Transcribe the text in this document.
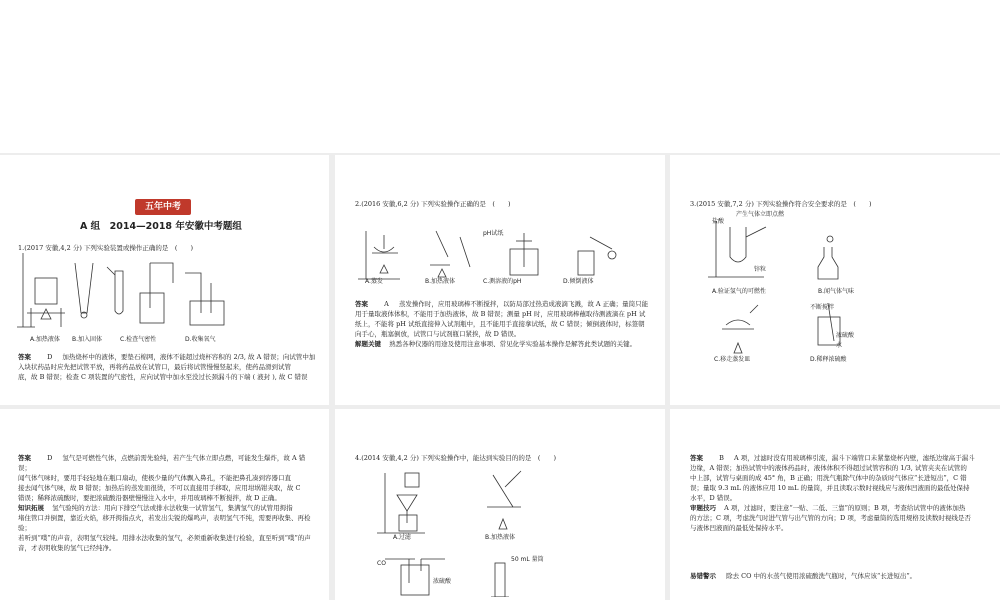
五年中考
A 组　2014—2018 年安徽中考题组
1.(2017 安徽,4,2 分) 下列实验装置或操作正确的是　(　　)
A.加热液体 B.加入固体	C.检查气密性	D.收集氧气
答案 D 加热烧杯中的液体，要垫石棉网，液体不能超过烧杯容积的 2/3, 故 A 错误；向试管中加
入块状药品时应先把试管平放，再将药品放在试管口，最后将试管慢慢竖起来，使药品滑到试管
底，故 B 错误；检查 C 项装置的气密性，应向试管中加水至没过长颈漏斗的下端 ( 液封 ), 故 C 错误
2.(2016 安徽,6,2 分) 下列实验操作正确的是　(　　)
pH试纸
A.蒸发	B.加热液体	C.测溶液的pH	D.倾倒液体
答案 A 蒸发操作时，应用玻璃棒不断搅拌，以防局部过热造成液滴飞溅，故 A 正确；量筒只能
用于量取液体体积，不能用于加热液体，故 B 错误；测量 pH 时，应用玻璃棒蘸取待测液滴在 pH 试
纸上，不能将 pH 试纸直接伸入试剂瓶中，且不能用手直接拿试纸，故 C 错误；倾倒液体时，标签朝
向手心，瓶塞倒放，试管口与试剂瓶口紧挨，故 D 错误。
解题关键 熟悉各种仪器的用途及使用注意事项、常见化学实验基本操作是解答此类试题的关键。
3.(2015 安徽,7,2 分) 下列实验操作符合安全要求的是　(　　)
盐酸
产生气体立即点燃
锌粒
不断搅拌
浓硫酸
水
A.验证氢气的可燃性	B.闻气体气味
C.移走蒸发皿	D.稀释浓硫酸
答案 D 氢气是可燃性气体，点燃前需先验纯，若产生气体立即点燃，可能发生爆炸，故 A 错误；
闻气体气味时，要用手轻轻地在瓶口扇动，使极少量的气体飘入鼻孔，不能把鼻孔凑到容器口直
接去闻气体气味，故 B 错误；加热后的蒸发皿很烫，不可以直接用手移取，应用坩埚钳夹取，故 C
错误；稀释浓硫酸时，要把浓硫酸沿器壁慢慢注入水中，并用玻璃棒不断搅拌，故 D 正确。
知识拓展 氢气验纯的方法：用向下排空气法或排水法收集一试管氢气，集满氢气的试管用拇指
堵住管口并倒置，靠近火焰，移开拇指点火，若发出尖锐的爆鸣声，表明氢气不纯，需要再收集、再检验；
若听到“噗”的声音，表明氢气较纯。用排水法收集的氢气，必须重新收集进行检验，直至听到“噗”的声音，才表明收集的氢气已经纯净。
4.(2014 安徽,4,2 分) 下列实验操作中，能达到实验目的的是　(　　)
A.过滤	B.加热液体
CO
浓硫酸
50 mL 量筒
答案 B A 项，过滤时没有用玻璃棒引流，漏斗下端管口未紧靠烧杯内壁，滤纸边缘高于漏斗
边缘，A 错误；加热试管中的液体药品时，液体体积不得超过试管容积的 1/3, 试管夹夹在试管的
中上部，试管与桌面的成 45° 角，B 正确；用洗气瓶除气体中的杂质时气体应“长进短出”，C 错
误；量取 9.3 mL 的液体应用 10 mL 的量筒，并且读取示数时视线应与液体凹液面的最低处保持
水平，D 错误。
审题技巧 A 项，过滤时，要注意“一贴、二低、三靠”的原则；B 项，考查给试管中的液体加热
的方法；C 项，考虑洗气时进气管与出气管的方向；D 项，考虑量筒的选用规格及读数时视线是否
与液体凹液面的最低处保持水平。
易错警示 除去 CO 中的水蒸气使用浓硫酸洗气瓶时，气体应该“长进短出”。
